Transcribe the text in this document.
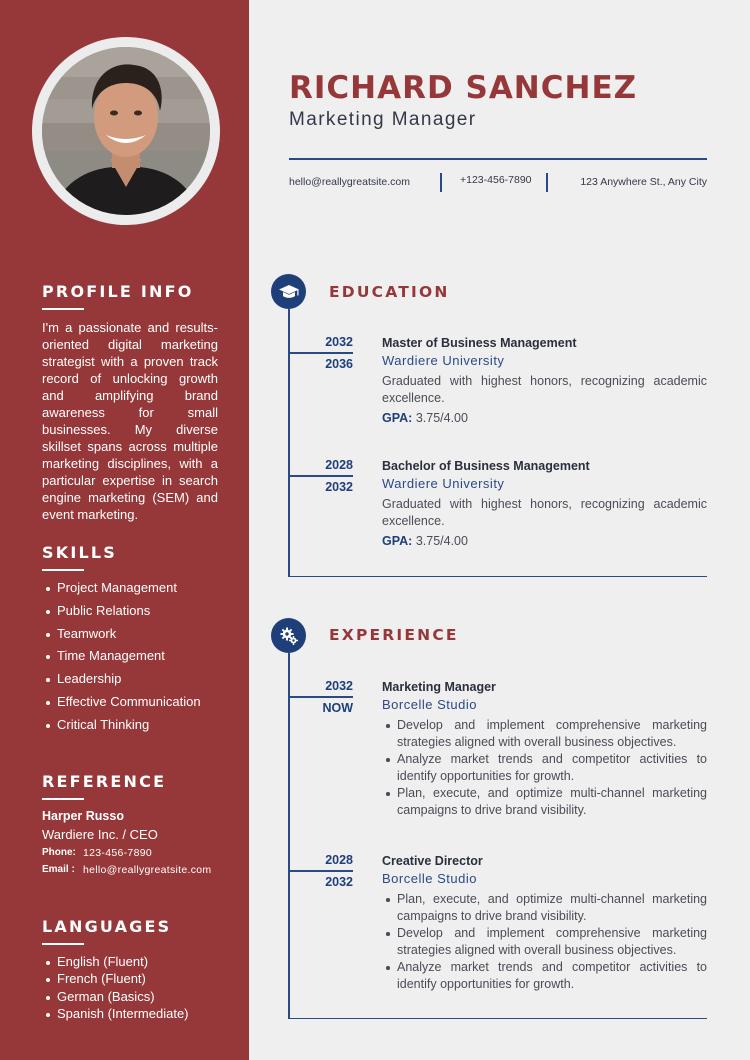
PROFILE INFO

I'm a passionate and results-oriented digital marketing strategist with a proven track record of unlocking growth and amplifying brand awareness for small businesses. My diverse skillset spans across multiple marketing disciplines, with a particular expertise in search engine marketing (SEM) and event marketing.

SKILLS
Project Management
Public Relations
Teamwork
Time Management
Leadership
Effective Communication
Critical Thinking
REFERENCE
Harper Russo
Wardiere Inc. / CEO
Phone: 123-456-7890
Email : hello@reallygreatsite.com
LANGUAGES
English (Fluent)
French (Fluent)
German (Basics)
Spanish (Intermediate)
RICHARD SANCHEZ
Marketing Manager
hello@reallygreatsite.com	+123-456-7890	123 Anywhere St., Any City
EDUCATION
2032
2036
Master of Business Management
Wardiere University
Graduated with highest honors, recognizing academic excellence.
GPA: 3.75/4.00
2028
2032
Bachelor of Business Management
Wardiere University
Graduated with highest honors, recognizing academic excellence.
GPA: 3.75/4.00
EXPERIENCE
2032
NOW
Marketing Manager
Borcelle Studio
Develop and implement comprehensive marketing strategies aligned with overall business objectives.
Analyze market trends and competitor activities to identify opportunities for growth.
Plan, execute, and optimize multi-channel marketing campaigns to drive brand visibility.
2028
2032
Creative Director
Borcelle Studio
Plan, execute, and optimize multi-channel marketing campaigns to drive brand visibility.
Develop and implement comprehensive marketing strategies aligned with overall business objectives.
Analyze market trends and competitor activities to identify opportunities for growth.
